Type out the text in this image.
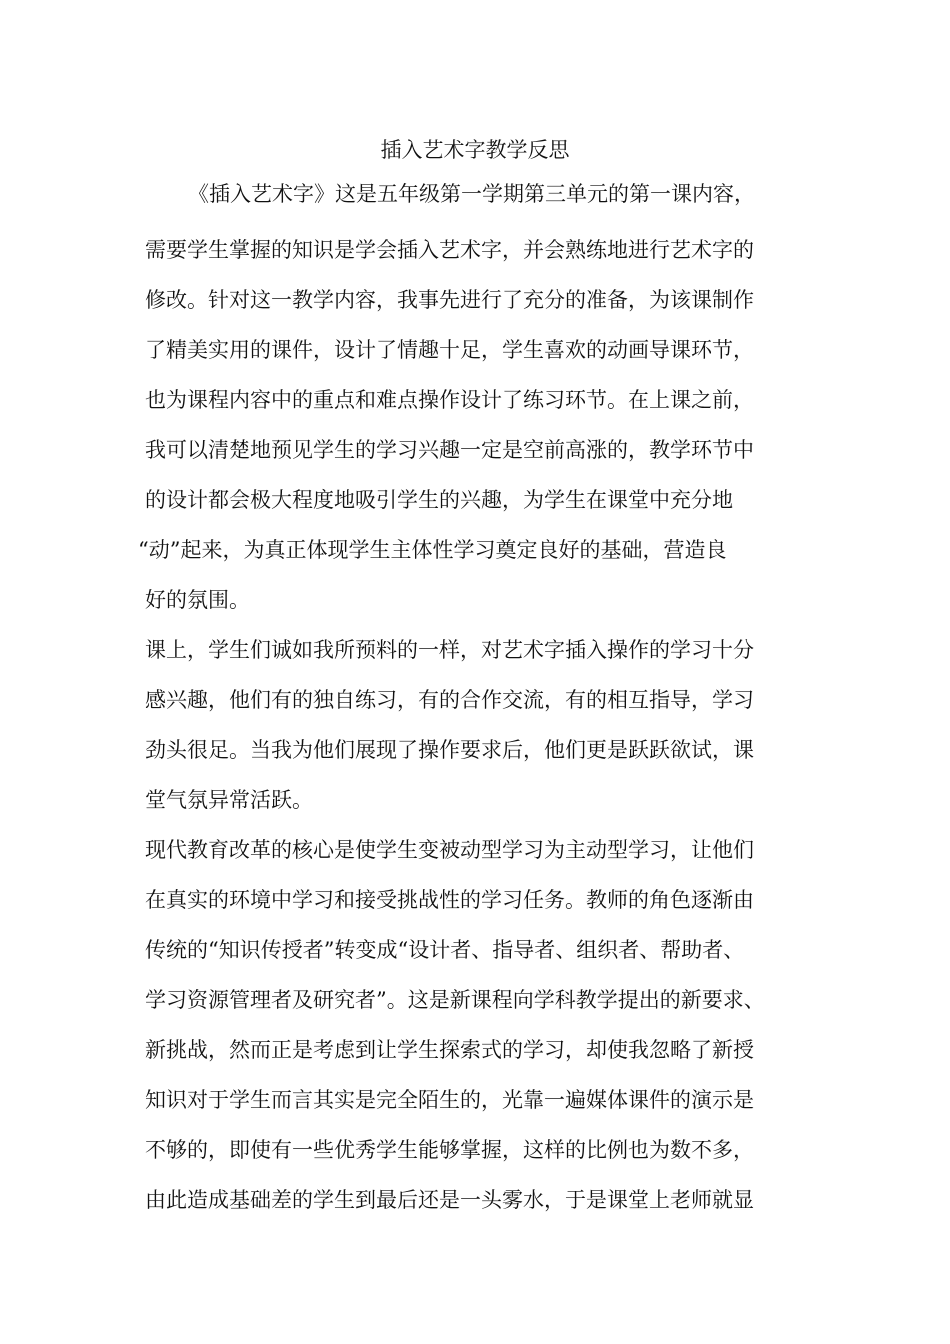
插入艺术字教学反思
《插入艺术字》这是五年级第一学期第三单元的第一课内容，
需要学生掌握的知识是学会插入艺术字，并会熟练地进行艺术字的
修改。针对这一教学内容，我事先进行了充分的准备，为该课制作
了精美实用的课件，设计了情趣十足，学生喜欢的动画导课环节，
也为课程内容中的重点和难点操作设计了练习环节。在上课之前，
我可以清楚地预见学生的学习兴趣一定是空前高涨的，教学环节中
的设计都会极大程度地吸引学生的兴趣，为学生在课堂中充分地
“动”起来，为真正体现学生主体性学习奠定良好的基础，营造良
好的氛围。
课上，学生们诚如我所预料的一样，对艺术字插入操作的学习十分
感兴趣，他们有的独自练习，有的合作交流，有的相互指导，学习
劲头很足。当我为他们展现了操作要求后，他们更是跃跃欲试，课
堂气氛异常活跃。
现代教育改革的核心是使学生变被动型学习为主动型学习，让他们
在真实的环境中学习和接受挑战性的学习任务。教师的角色逐渐由
传统的“知识传授者”转变成“设计者、指导者、组织者、帮助者、
学习资源管理者及研究者”。这是新课程向学科教学提出的新要求、
新挑战，然而正是考虑到让学生探索式的学习，却使我忽略了新授
知识对于学生而言其实是完全陌生的，光靠一遍媒体课件的演示是
不够的，即使有一些优秀学生能够掌握，这样的比例也为数不多，
由此造成基础差的学生到最后还是一头雾水，于是课堂上老师就显
